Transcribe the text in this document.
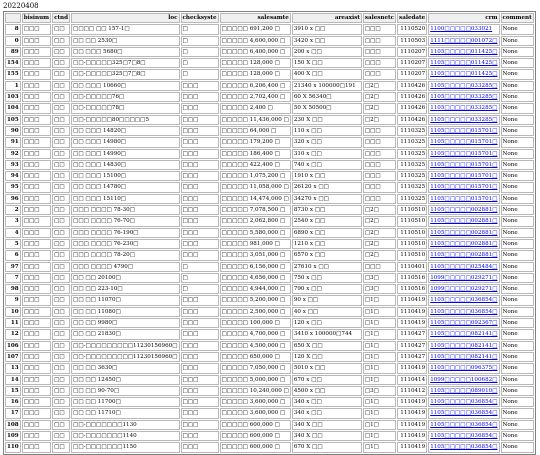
20220408
	bisinum	ctnd	loc	checksyste	salesamte	areaxist	salesnetc	saledate	crm	comment
8	□□□	□□	□□□□ □□ 157-1□	□	□□□□□ 691,200 □	3910 x □□	□□□	1110520	1100□□□□□033021	None
0	□□□	□□	□□ □□ 2530□	□	□□□□□ 4,600,000 □	3420 x □□	□□□	1110503	1111□□□□□001072□	None
89	□□□	□□	□□ □□□ 5680□	□	□□□□□ 6,400,000 □	200 x □□	□□□	1110207	1105□□□□□011425□	None
154	□□□	□□	□□-□□□□□325□7□8□	□	□□□□□ 128,000 □	150 X □□	□□□	1110207	1105□□□□□011425□	None
155	□□□	□□	□□-□□□□□325□7□8□	□	□□□□□ 128,000 □	400 X □□	□□□	1110207	1105□□□□□011425□	None
1	□□□	□□	□□ □□□ 10660□	□□□	□□□□□ 6,206,400 □	21340 x 100000□191	□2□	1110426	1105□□□□□033285□	None
103	□□□	□□	□□-□□□□□76□	□□□	□□□□□ 2,702,400 □	60 X 56340□	□2□	1110426	1105□□□□□033285□	None
104	□□□	□□	□□-□□□□□78□	□□□	□□□□□ 2,400 □	50 X 50500□	□2□	1110426	1105□□□□□033285□	None
105	□□□	□□	□□-□□□□□80□□□□□5	□□□	□□□□□ 11,436,000 □	230 X □□	□2□	1110426	1105□□□□□033285□	None
90	□□□	□□	□□ □□□ 14820□	□□□	□□□□□ 64,000 □	110 x □□	□□□	1110325	1105□□□□□015701□	None
91	□□□	□□	□□ □□□ 14980□	□□□	□□□□□ 179,200 □	320 x □□	□□□	1110325	1105□□□□□015701□	None
92	□□□	□□	□□ □□□ 14990□	□□□	□□□□□ 186,400 □	310 x □□	□□□	1110325	1105□□□□□015701□	None
93	□□□	□□	□□ □□□ 14830□	□□□	□□□□□ 422,400 □	740 x □□	□□□	1110325	1105□□□□□015701□	None
94	□□□	□□	□□ □□□ 15100□	□□□	□□□□□ 1,075,200 □	1910 x □□	□□□	1110325	1105□□□□□015701□	None
95	□□□	□□	□□ □□□ 14780□	□□□	□□□□□ 11,058,000 □	26120 x □□	□□□	1110325	1105□□□□□015701□	None
96	□□□	□□	□□ □□□ 15110□	□□□	□□□□□ 14,474,000 □	34270 x □□	□□□	1110325	1105□□□□□015701□	None
2	□□□	□□	□□□ □□□□ 78-30□	□□□	□□□□□ 7,078,500 □	8730 x □□	□2□	1110510	1105□□□□□002881□	None
3	□□□	□□	□□□ □□□□ 76-70□	□□□	□□□□□ 2,062,800 □	2540 x □□	□2□	1110510	1105□□□□□002881□	None
4	□□□	□□	□□□ □□□□ 76-190□	□□□	□□□□□ 5,580,000 □	6890 x □□	□2□	1110510	1105□□□□□002881□	None
5	□□□	□□	□□□ □□□□ 76-230□	□□□	□□□□□ 981,000 □	1210 x □□	□2□	1110510	1105□□□□□002881□	None
6	□□□	□□	□□□ □□□□ 78-20□	□□□	□□□□□ 3,051,000 □	6570 x □□	□2□	1110510	1105□□□□□002881□	None
97	□□□	□□	□□□ □□□□ 4790□	□	□□□□□ 6,156,000 □	27610 x □□	□□□	1110401	1105□□□□□025484□	None
7	□□□	□□	□□ □□ 20100□	□	□□□□□ 4,656,000 □	750 x □□	□3□	1110516	1099□□□□□029271□	None
98	□□□	□□	□□ □□ 223-10□	□	□□□□□ 4,944,000 □	790 x □□	□3□	1110516	1099□□□□□029271□	None
9	□□□	□□	□□ □□ 11070□	□□□	□□□□□ 5,200,000 □	90 x □□	□1□	1110419	1105□□□□□036854□	None
10	□□□	□□	□□ □□ 11080□	□□□	□□□□□ 2,500,000 □	40 x □□	□1□	1110419	1105□□□□□036854□	None
11	□□□	□□	□□ □□ 9980□	□□□	□□□□□ 100,000 □	120 x □□	□1□	1110419	1105□□□□□092367□	None
12	□□□	□□	□□ □□ 21830□	□□□	□□□□□ 4,700,000 □	3410 x 100000□744	□1□	1110427	1105□□□□□082141□	None
106	□□□	□□	□□-□□□□□□□□□11230156960□	□□□	□□□□□ 4,500,000 □	650 X □□	□1□	1110427	1105□□□□□082141□	None
107	□□□	□□	□□-□□□□□□□□□11230156960□	□□□	□□□□□ 650,000 □	120 X □□	□1□	1110427	1105□□□□□082141□	None
13	□□□	□□	□□ □□ 3630□	□□□	□□□□□ 7,050,000 □	5010 x □□	□1□	1110419	1105□□□□□096375□	None
14	□□□	□□	□□ □□ 12450□	□□□	□□□□□ 5,000,000 □	670 x □□	□1□	1110414	1099□□□□□100682□	None
15	□□□	□□	□□ □□ 90-70□	□□□	□□□□□ 10,240,000 □	4500 x □□	□3□	1110412	1105□□□□□089010□	None
16	□□□	□□	□□ □□ 11700□	□□□	□□□□□ 3,600,000 □	340 x □□	□1□	1110419	1105□□□□□036854□	None
17	□□□	□□	□□ □□ 11710□	□□□	□□□□□ 3,600,000 □	340 x □□	□1□	1110419	1105□□□□□036854□	None
108	□□□	□□	□□-□□□□□□□1130	□□□	□□□□□ 600,000 □	340 X □□	□1□	1110419	1105□□□□□036854□	None
109	□□□	□□	□□-□□□□□□□1140	□□□	□□□□□ 600,000 □	340 X □□	□1□	1110419	1105□□□□□036854□	None
110	□□□	□□	□□-□□□□□□□1150	□□□	□□□□□ 600,000 □	670 X □□	□1□	1110419	1105□□□□□036854□	None
